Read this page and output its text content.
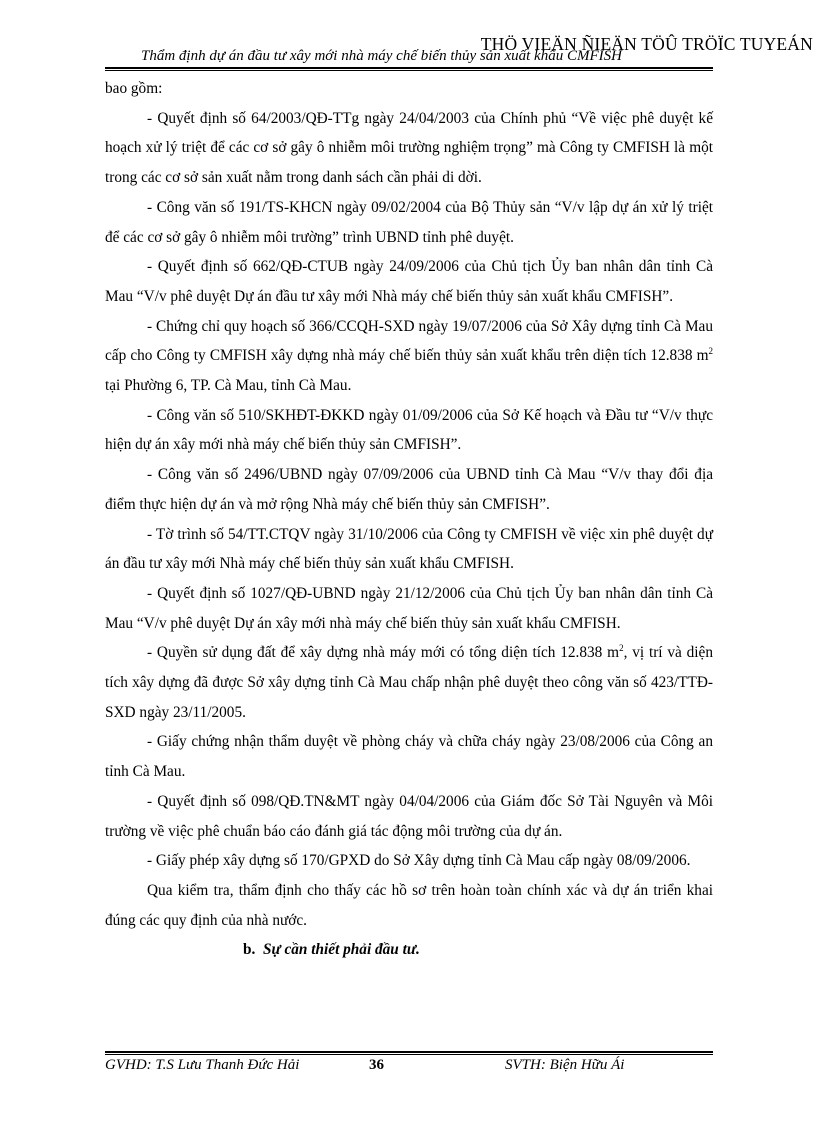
THÖ VIEÄN ÑIEÄN TÖÛ TRÖÏC TUYEÁN
Thẩm định dự án đầu tư xây mới nhà máy chế biến thủy sản xuất khẩu CMFISH

bao gồm:

- Quyết định số 64/2003/QĐ-TTg ngày 24/04/2003 của Chính phủ “Về việc phê duyệt kế hoạch xử lý triệt để các cơ sở gây ô nhiễm môi trường nghiệm trọng” mà Công ty CMFISH là một trong các cơ sở sản xuất nằm trong danh sách cần phải di dời.

- Công văn số 191/TS-KHCN ngày 09/02/2004 của Bộ Thủy sản “V/v lập dự án xử lý triệt để các cơ sở gây ô nhiễm môi trường” trình UBND tỉnh phê duyệt.

- Quyết định số 662/QĐ-CTUB ngày 24/09/2006 của Chủ tịch Ủy ban nhân dân tỉnh Cà Mau “V/v phê duyệt Dự án đầu tư xây mới Nhà máy chế biến thủy sản xuất khẩu CMFISH”.

- Chứng chỉ quy hoạch số 366/CCQH-SXD ngày 19/07/2006 của Sở Xây dựng tỉnh Cà Mau cấp cho Công ty CMFISH xây dựng nhà máy chế biến thủy sản xuất khẩu trên diện tích 12.838 $m^2$ tại Phường 6, TP. Cà Mau, tỉnh Cà Mau.

- Công văn số 510/SKHĐT-ĐKKD ngày 01/09/2006 của Sở Kế hoạch và Đầu tư “V/v thực hiện dự án xây mới nhà máy chế biến thủy sản CMFISH”.

- Công văn số 2496/UBND ngày 07/09/2006 của UBND tỉnh Cà Mau “V/v thay đổi địa điểm thực hiện dự án và mở rộng Nhà máy chế biến thủy sản CMFISH”.

- Tờ trình số 54/TT.CTQV ngày 31/10/2006 của Công ty CMFISH về việc xin phê duyệt dự án đầu tư xây mới Nhà máy chế biến thủy sản xuất khẩu CMFISH.

- Quyết định số 1027/QĐ-UBND ngày 21/12/2006 của Chủ tịch Ủy ban nhân dân tỉnh Cà Mau “V/v phê duyệt Dự án xây mới nhà máy chế biến thủy sản xuất khẩu CMFISH.

- Quyền sử dụng đất để xây dựng nhà máy mới có tổng diện tích 12.838 $m^2$, vị trí và diện tích xây dựng đã được Sở xây dựng tỉnh Cà Mau chấp nhận phê duyệt theo công văn số 423/TTĐ-SXD ngày 23/11/2005.

- Giấy chứng nhận thẩm duyệt về phòng cháy và chữa cháy ngày 23/08/2006 của Công an tỉnh Cà Mau.

- Quyết định số 098/QĐ.TN&MT ngày 04/04/2006 của Giám đốc Sở Tài Nguyên và Môi trường về việc phê chuẩn báo cáo đánh giá tác động môi trường của dự án.

- Giấy phép xây dựng số 170/GPXD do Sở Xây dựng tỉnh Cà Mau cấp ngày 08/09/2006.

Qua kiểm tra, thẩm định cho thấy các hồ sơ trên hoàn toàn chính xác và dự án triển khai đúng các quy định của nhà nước.

b. Sự cần thiết phải đầu tư.

GVHD: T.S Lưu Thanh Đức Hải	36	SVTH: Biện Hữu Ái
